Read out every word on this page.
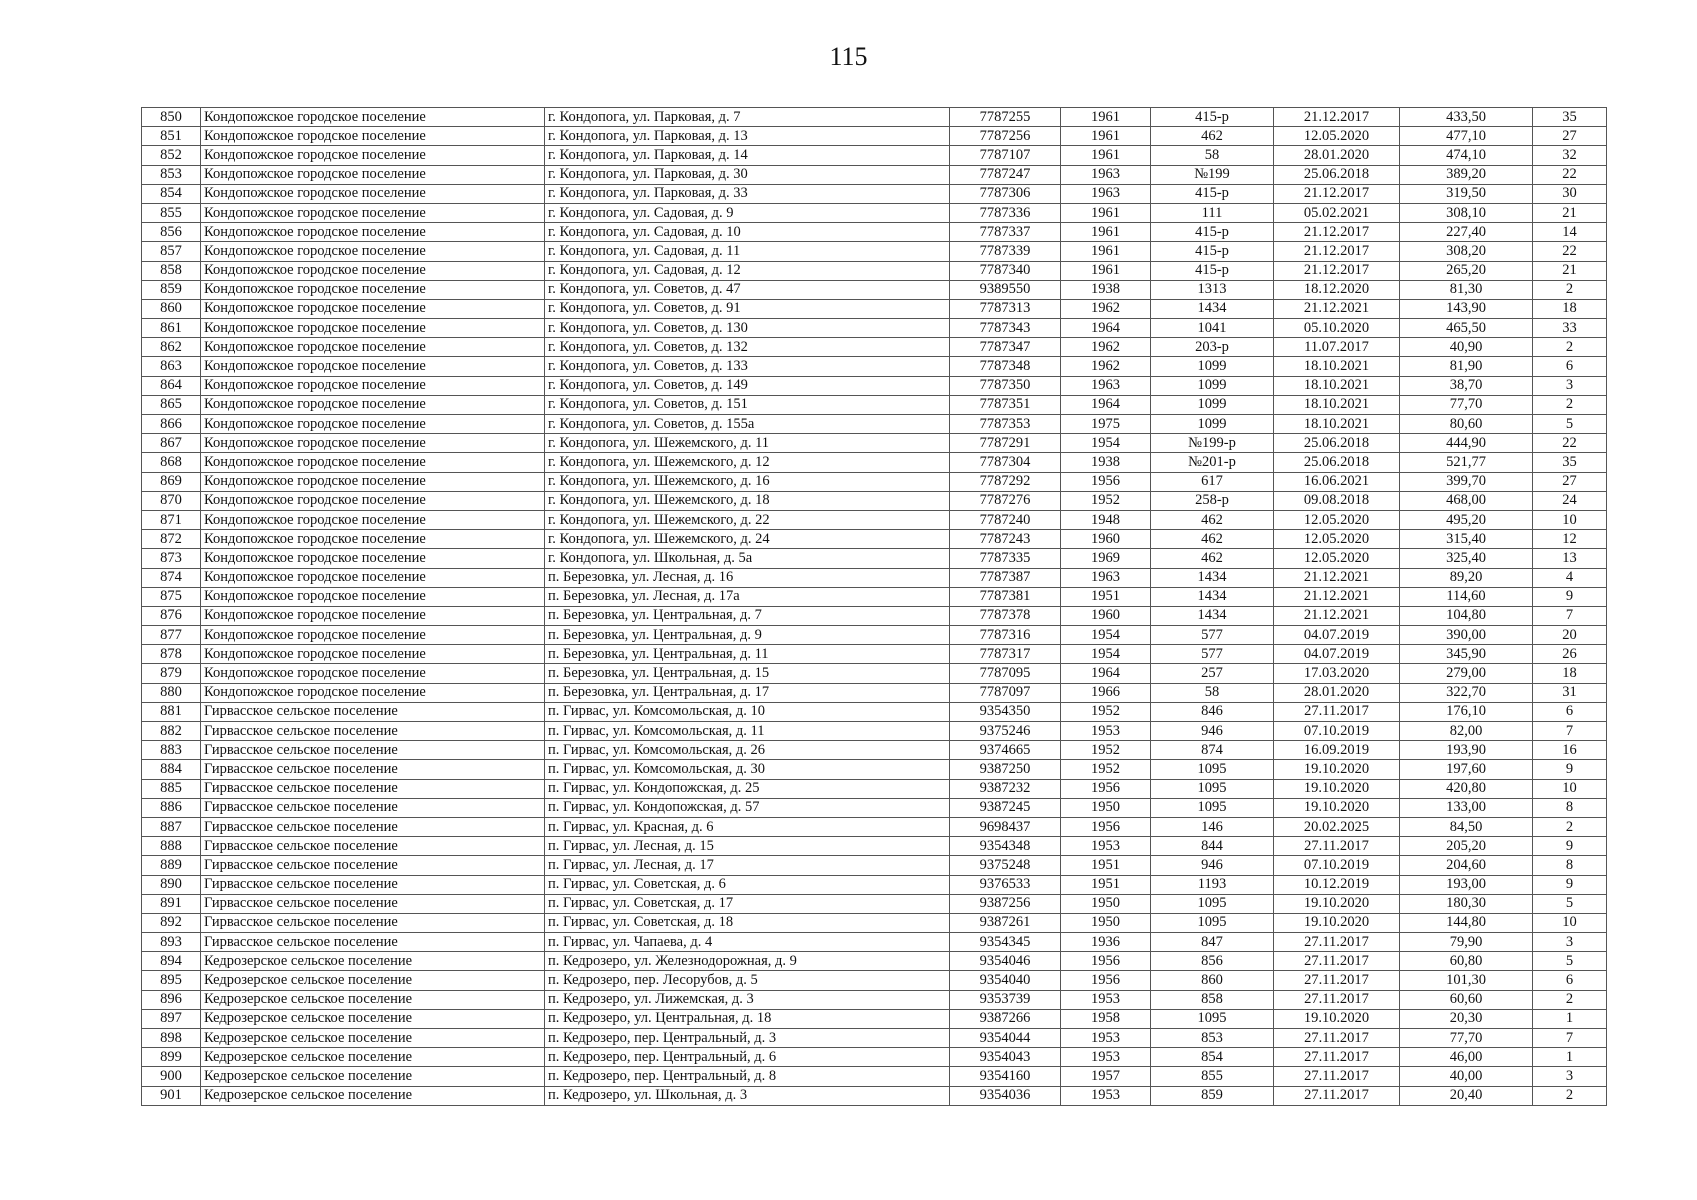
115
850	Кондопожское городское поселение	г. Кондопога, ул. Парковая, д. 7	7787255	1961	415-р	21.12.2017	433,50	35
851	Кондопожское городское поселение	г. Кондопога, ул. Парковая, д. 13	7787256	1961	462	12.05.2020	477,10	27
852	Кондопожское городское поселение	г. Кондопога, ул. Парковая, д. 14	7787107	1961	58	28.01.2020	474,10	32
853	Кондопожское городское поселение	г. Кондопога, ул. Парковая, д. 30	7787247	1963	№199	25.06.2018	389,20	22
854	Кондопожское городское поселение	г. Кондопога, ул. Парковая, д. 33	7787306	1963	415-р	21.12.2017	319,50	30
855	Кондопожское городское поселение	г. Кондопога, ул. Садовая, д. 9	7787336	1961	111	05.02.2021	308,10	21
856	Кондопожское городское поселение	г. Кондопога, ул. Садовая, д. 10	7787337	1961	415-р	21.12.2017	227,40	14
857	Кондопожское городское поселение	г. Кондопога, ул. Садовая, д. 11	7787339	1961	415-р	21.12.2017	308,20	22
858	Кондопожское городское поселение	г. Кондопога, ул. Садовая, д. 12	7787340	1961	415-р	21.12.2017	265,20	21
859	Кондопожское городское поселение	г. Кондопога, ул. Советов, д. 47	9389550	1938	1313	18.12.2020	81,30	2
860	Кондопожское городское поселение	г. Кондопога, ул. Советов, д. 91	7787313	1962	1434	21.12.2021	143,90	18
861	Кондопожское городское поселение	г. Кондопога, ул. Советов, д. 130	7787343	1964	1041	05.10.2020	465,50	33
862	Кондопожское городское поселение	г. Кондопога, ул. Советов, д. 132	7787347	1962	203-р	11.07.2017	40,90	2
863	Кондопожское городское поселение	г. Кондопога, ул. Советов, д. 133	7787348	1962	1099	18.10.2021	81,90	6
864	Кондопожское городское поселение	г. Кондопога, ул. Советов, д. 149	7787350	1963	1099	18.10.2021	38,70	3
865	Кондопожское городское поселение	г. Кондопога, ул. Советов, д. 151	7787351	1964	1099	18.10.2021	77,70	2
866	Кондопожское городское поселение	г. Кондопога, ул. Советов, д. 155а	7787353	1975	1099	18.10.2021	80,60	5
867	Кондопожское городское поселение	г. Кондопога, ул. Шежемского, д. 11	7787291	1954	№199-р	25.06.2018	444,90	22
868	Кондопожское городское поселение	г. Кондопога, ул. Шежемского, д. 12	7787304	1938	№201-р	25.06.2018	521,77	35
869	Кондопожское городское поселение	г. Кондопога, ул. Шежемского, д. 16	7787292	1956	617	16.06.2021	399,70	27
870	Кондопожское городское поселение	г. Кондопога, ул. Шежемского, д. 18	7787276	1952	258-р	09.08.2018	468,00	24
871	Кондопожское городское поселение	г. Кондопога, ул. Шежемского, д. 22	7787240	1948	462	12.05.2020	495,20	10
872	Кондопожское городское поселение	г. Кондопога, ул. Шежемского, д. 24	7787243	1960	462	12.05.2020	315,40	12
873	Кондопожское городское поселение	г. Кондопога, ул. Школьная, д. 5а	7787335	1969	462	12.05.2020	325,40	13
874	Кондопожское городское поселение	п. Березовка, ул. Лесная, д. 16	7787387	1963	1434	21.12.2021	89,20	4
875	Кондопожское городское поселение	п. Березовка, ул. Лесная, д. 17а	7787381	1951	1434	21.12.2021	114,60	9
876	Кондопожское городское поселение	п. Березовка, ул. Центральная, д. 7	7787378	1960	1434	21.12.2021	104,80	7
877	Кондопожское городское поселение	п. Березовка, ул. Центральная, д. 9	7787316	1954	577	04.07.2019	390,00	20
878	Кондопожское городское поселение	п. Березовка, ул. Центральная, д. 11	7787317	1954	577	04.07.2019	345,90	26
879	Кондопожское городское поселение	п. Березовка, ул. Центральная, д. 15	7787095	1964	257	17.03.2020	279,00	18
880	Кондопожское городское поселение	п. Березовка, ул. Центральная, д. 17	7787097	1966	58	28.01.2020	322,70	31
881	Гирвасское сельское поселение	п. Гирвас, ул. Комсомольская, д. 10	9354350	1952	846	27.11.2017	176,10	6
882	Гирвасское сельское поселение	п. Гирвас, ул. Комсомольская, д. 11	9375246	1953	946	07.10.2019	82,00	7
883	Гирвасское сельское поселение	п. Гирвас, ул. Комсомольская, д. 26	9374665	1952	874	16.09.2019	193,90	16
884	Гирвасское сельское поселение	п. Гирвас, ул. Комсомольская, д. 30	9387250	1952	1095	19.10.2020	197,60	9
885	Гирвасское сельское поселение	п. Гирвас, ул. Кондопожская, д. 25	9387232	1956	1095	19.10.2020	420,80	10
886	Гирвасское сельское поселение	п. Гирвас, ул. Кондопожская, д. 57	9387245	1950	1095	19.10.2020	133,00	8
887	Гирвасское сельское поселение	п. Гирвас, ул. Красная, д. 6	9698437	1956	146	20.02.2025	84,50	2
888	Гирвасское сельское поселение	п. Гирвас, ул. Лесная, д. 15	9354348	1953	844	27.11.2017	205,20	9
889	Гирвасское сельское поселение	п. Гирвас, ул. Лесная, д. 17	9375248	1951	946	07.10.2019	204,60	8
890	Гирвасское сельское поселение	п. Гирвас, ул. Советская, д. 6	9376533	1951	1193	10.12.2019	193,00	9
891	Гирвасское сельское поселение	п. Гирвас, ул. Советская, д. 17	9387256	1950	1095	19.10.2020	180,30	5
892	Гирвасское сельское поселение	п. Гирвас, ул. Советская, д. 18	9387261	1950	1095	19.10.2020	144,80	10
893	Гирвасское сельское поселение	п. Гирвас, ул. Чапаева, д. 4	9354345	1936	847	27.11.2017	79,90	3
894	Кедрозерское сельское поселение	п. Кедрозеро, ул. Железнодорожная, д. 9	9354046	1956	856	27.11.2017	60,80	5
895	Кедрозерское сельское поселение	п. Кедрозеро, пер. Лесорубов, д. 5	9354040	1956	860	27.11.2017	101,30	6
896	Кедрозерское сельское поселение	п. Кедрозеро, ул. Лижемская, д. 3	9353739	1953	858	27.11.2017	60,60	2
897	Кедрозерское сельское поселение	п. Кедрозеро, ул. Центральная, д. 18	9387266	1958	1095	19.10.2020	20,30	1
898	Кедрозерское сельское поселение	п. Кедрозеро, пер. Центральный, д. 3	9354044	1953	853	27.11.2017	77,70	7
899	Кедрозерское сельское поселение	п. Кедрозеро, пер. Центральный, д. 6	9354043	1953	854	27.11.2017	46,00	1
900	Кедрозерское сельское поселение	п. Кедрозеро, пер. Центральный, д. 8	9354160	1957	855	27.11.2017	40,00	3
901	Кедрозерское сельское поселение	п. Кедрозеро, ул. Школьная, д. 3	9354036	1953	859	27.11.2017	20,40	2
